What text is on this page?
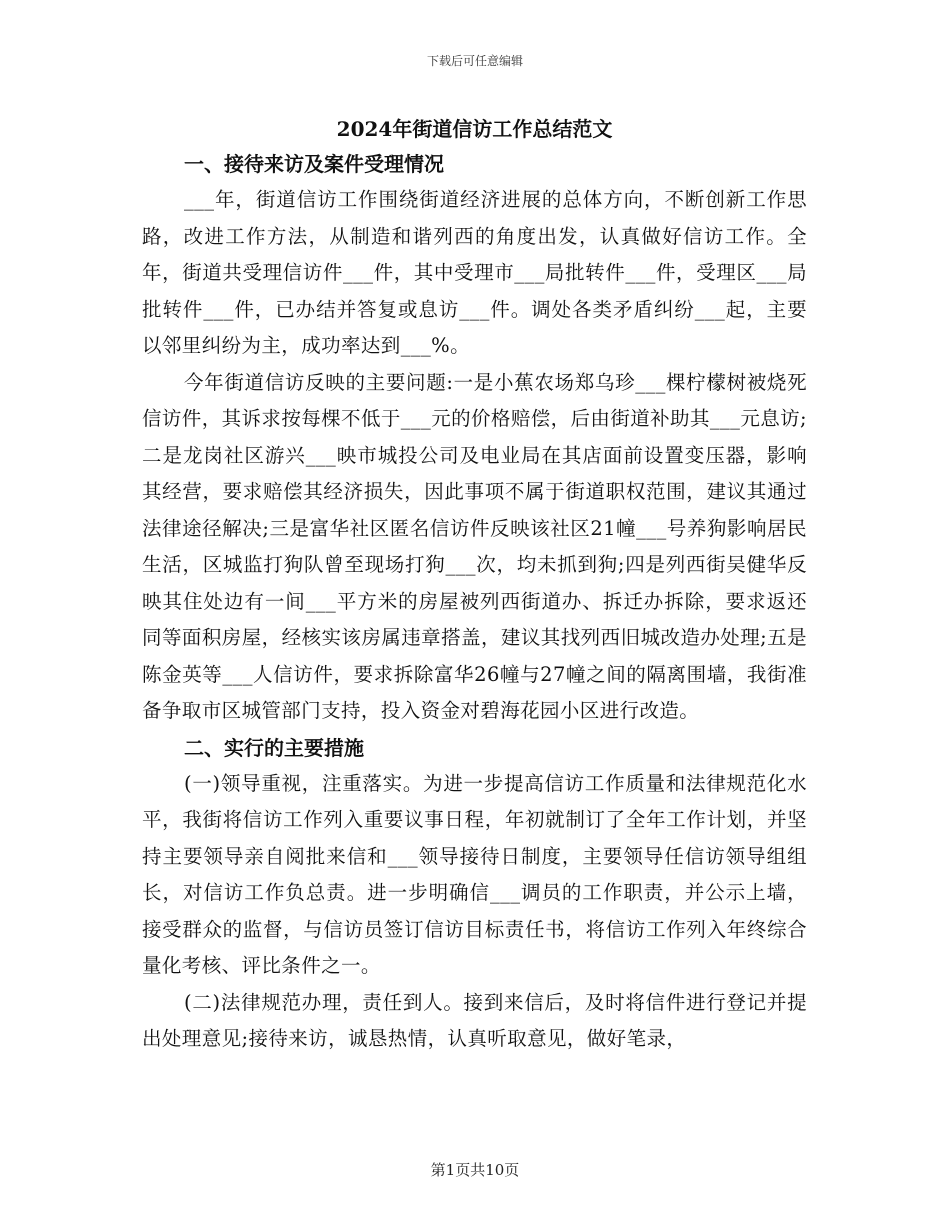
下载后可任意编辑
2024年街道信访工作总结范文
一、接待来访及案件受理情况

___年，街道信访工作围绕街道经济进展的总体方向，不断创新工作思路，改进工作方法，从制造和谐列西的角度出发，认真做好信访工作。全年，街道共受理信访件___件，其中受理市___局批转件___件，受理区___局批转件___件，已办结并答复或息访___件。调处各类矛盾纠纷___起，主要以邻里纠纷为主，成功率达到___%。

今年街道信访反映的主要问题:一是小蕉农场郑乌珍___棵柠檬树被烧死信访件，其诉求按每棵不低于___元的价格赔偿，后由街道补助其___元息访;二是龙岗社区游兴___映市城投公司及电业局在其店面前设置变压器，影响其经营，要求赔偿其经济损失，因此事项不属于街道职权范围，建议其通过法律途径解决;三是富华社区匿名信访件反映该社区21幢___号养狗影响居民生活，区城监打狗队曾至现场打狗___次，均未抓到狗;四是列西街吴健华反映其住处边有一间___平方米的房屋被列西街道办、拆迁办拆除，要求返还同等面积房屋，经核实该房属违章搭盖，建议其找列西旧城改造办处理;五是陈金英等___人信访件，要求拆除富华26幢与27幢之间的隔离围墙，我街准备争取市区城管部门支持，投入资金对碧海花园小区进行改造。

二、实行的主要措施

(一)领导重视，注重落实。为进一步提高信访工作质量和法律规范化水平，我街将信访工作列入重要议事日程，年初就制订了全年工作计划，并坚持主要领导亲自阅批来信和___领导接待日制度，主要领导任信访领导组组长，对信访工作负总责。进一步明确信___调员的工作职责，并公示上墙，接受群众的监督，与信访员签订信访目标责任书，将信访工作列入年终综合量化考核、评比条件之一。

(二)法律规范办理，责任到人。接到来信后，及时将信件进行登记并提出处理意见;接待来访，诚恳热情，认真听取意见，做好笔录，

第1页共10页
